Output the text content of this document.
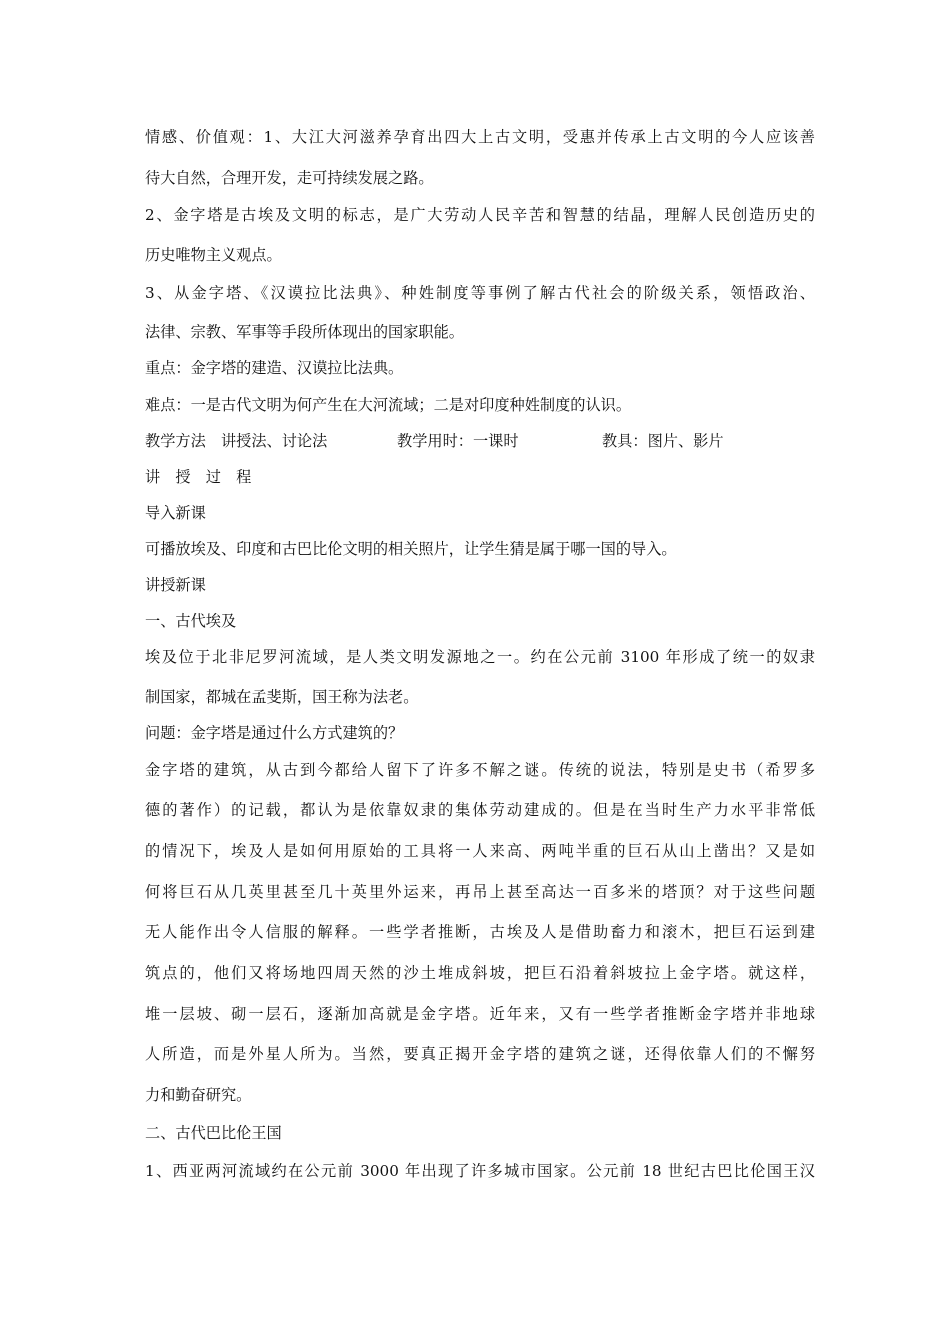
情感、价值观：1、大江大河滋养孕育出四大上古文明，受惠并传承上古文明的今人应该善
待大自然，合理开发，走可持续发展之路。
2、金字塔是古埃及文明的标志，是广大劳动人民辛苦和智慧的结晶，理解人民创造历史的
历史唯物主义观点。
3、从金字塔、《汉谟拉比法典》、种姓制度等事例了解古代社会的阶级关系，领悟政治、
法律、宗教、军事等手段所体现出的国家职能。
重点：金字塔的建造、汉谟拉比法典。
难点：一是古代文明为何产生在大河流域；二是对印度种姓制度的认识。
教学方法　讲授法、讨论法	教学用时：一课时	教具：图片、影片
讲　授　过　程
导入新课
可播放埃及、印度和古巴比伦文明的相关照片，让学生猜是属于哪一国的导入。
讲授新课
一、古代埃及
埃及位于北非尼罗河流域，是人类文明发源地之一。约在公元前 3100 年形成了统一的奴隶
制国家，都城在孟斐斯，国王称为法老。
问题：金字塔是通过什么方式建筑的？
金字塔的建筑，从古到今都给人留下了许多不解之谜。传统的说法，特别是史书（希罗多
德的著作）的记载，都认为是依靠奴隶的集体劳动建成的。但是在当时生产力水平非常低
的情况下，埃及人是如何用原始的工具将一人来高、两吨半重的巨石从山上凿出？又是如
何将巨石从几英里甚至几十英里外运来，再吊上甚至高达一百多米的塔顶？对于这些问题
无人能作出令人信服的解释。一些学者推断，古埃及人是借助畜力和滚木，把巨石运到建
筑点的，他们又将场地四周天然的沙土堆成斜坡，把巨石沿着斜坡拉上金字塔。就这样，
堆一层坡、砌一层石，逐渐加高就是金字塔。近年来，又有一些学者推断金字塔并非地球
人所造，而是外星人所为。当然，要真正揭开金字塔的建筑之谜，还得依靠人们的不懈努
力和勤奋研究。
二、古代巴比伦王国
1、西亚两河流域约在公元前 3000 年出现了许多城市国家。公元前 18 世纪古巴比伦国王汉
